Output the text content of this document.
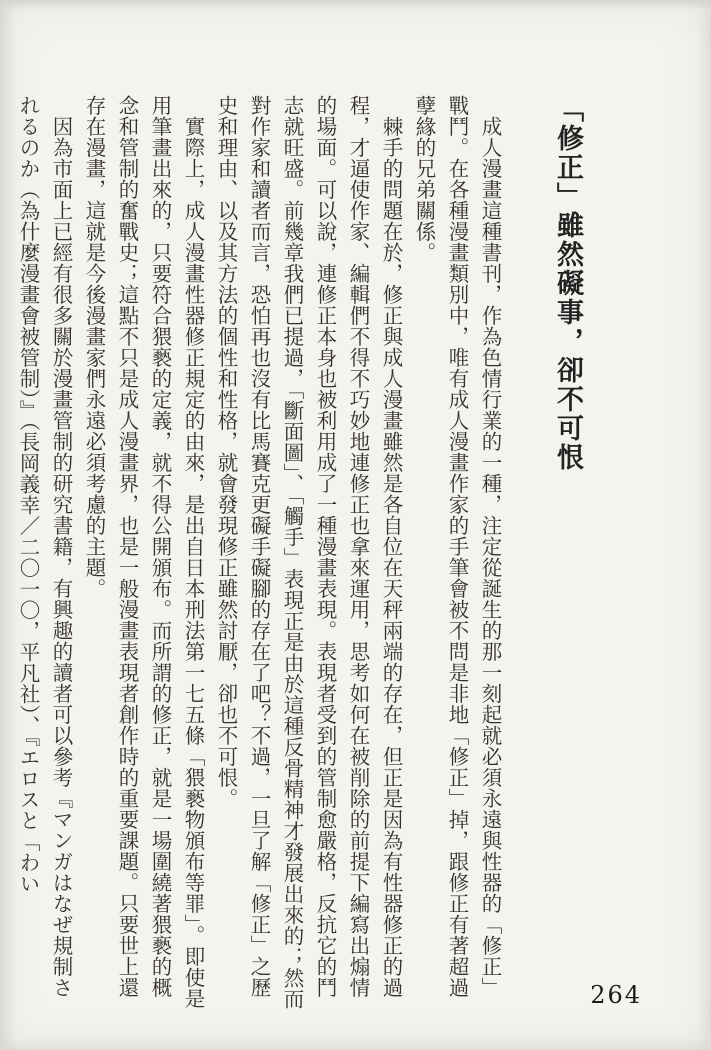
「修正」雖然礙事，卻不可恨

成人漫畫這種書刊，作為色情行業的一種，注定從誕生的那一刻起就必須永遠與性器的「修正」戰鬥。在各種漫畫類別中，唯有成人漫畫作家的手筆會被不問是非地「修正」掉，跟修正有著超過孽緣的兄弟關係。

棘手的問題在於，修正與成人漫畫雖然是各自位在天秤兩端的存在，但正是因為有性器修正的過程，才逼使作家、編輯們不得不巧妙地連修正也拿來運用，思考如何在被削除的前提下編寫出煽情的場面。可以說，連修正本身也被利用成了一種漫畫表現。表現者受到的管制愈嚴格，反抗它的鬥志就旺盛。前幾章我們已提過，「斷面圖」、「觸手」表現正是由於這種反骨精神才發展出來的；然而對作家和讀者而言，恐怕再也沒有比馬賽克更礙手礙腳的存在了吧？不過，一旦了解「修正」之歷史和理由、以及其方法的個性和性格，就會發現修正雖然討厭，卻也不可恨。

實際上，成人漫畫性器修正規定的由來，是出自日本刑法第一七五條「猥褻物頒布等罪」。即使是用筆畫出來的，只要符合猥褻的定義，就不得公開頒布。而所謂的修正，就是一場圍繞著猥褻的概念和管制的奮戰史；這點不只是成人漫畫界，也是一般漫畫表現者創作時的重要課題。只要世上還存在漫畫，這就是今後漫畫家們永遠必須考慮的主題。

因為市面上已經有很多關於漫畫管制的研究書籍，有興趣的讀者可以參考『マンガはなぜ規制されるのか（為什麼漫畫會被管制）』（長岡義幸／二〇一〇，平凡社）、『エロスと「わい

264
